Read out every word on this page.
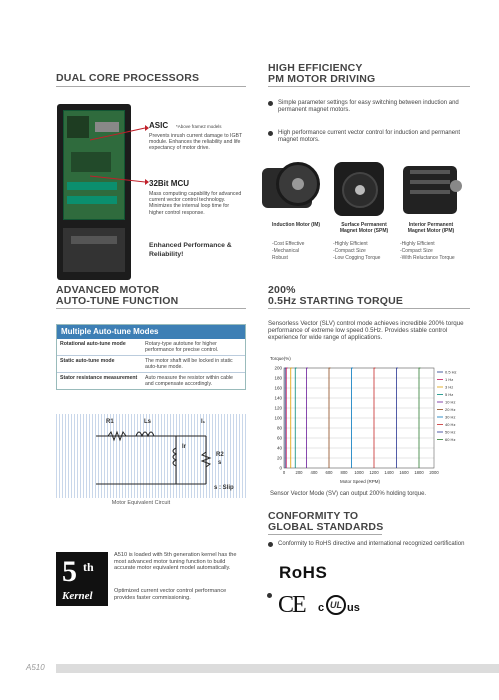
DUAL CORE PROCESSORS
ASIC *Above frame2 models
Prevents inrush current damage to IGBT module. Enhances the reliability and life expectancy of motor drive.
32Bit MCU
Mass computing capability for advanced current vector control technology. Minimizes the internal loop time for higher control response.
Enhanced Performance & Reliability!
HIGH EFFICIENCY
PM MOTOR DRIVING
Simple parameter settings for easy switching between induction and permanent magnet motors.
High performance current vector control for induction and permanent magnet motors.
Induction Motor (IM)	Surface Permanent Magnet Motor (SPM)
Interior Permanent Magnet Motor (IPM)
-Cost Effective
-Mechanical
Robust
-Highly Efficient
-Compact Size
-Low Cogging Torque
-Highly Efficient
-Compact Size
-With Reluctance Torque
ADVANCED MOTOR
AUTO-TUNE FUNCTION
Multiple Auto-tune Modes
Rotational auto-tune mode	Rotary-type autotune for higher performance for precise control.
Static auto-tune mode	The motor shaft will be locked in static auto-tune mode.
Stator resistance measurement	Auto measure the resistor within cable and compensate accordingly.
R1	Ls	I₁
Ir
R2
s
s : Slip
Motor Equivalent Circuit
200%
0.5Hz STARTING TORQUE
Sensorless Vector (SLV) control mode achieves incredible 200% torque performance of extreme low speed 0.5Hz. Provides stable control experience for wide range of applications.
Torque(%)
0
20
40
60
80
100
120
140
160
180
200
0 200 400 600 800 1000 1200 1400 1600 1800 2000
0.5 Hz
1 Hz
3 Hz
5 Hz
10 Hz
20 Hz
30 Hz
40 Hz
50 Hz
60 Hz
Motor Speed (RPM)
Sensor Vector Mode (SV) can output 200% holding torque.
CONFORMITY TO
GLOBAL STANDARDS
Conformity to RoHS directive and international recognized certification
RoHS
CE c UL us
5 th
Kernel
A510 is loaded with 5th generation kernel has the most advanced motor tuning function to build accurate motor equivalent model automatically.
Optimized current vector control performance provides faster commissioning.
A510
